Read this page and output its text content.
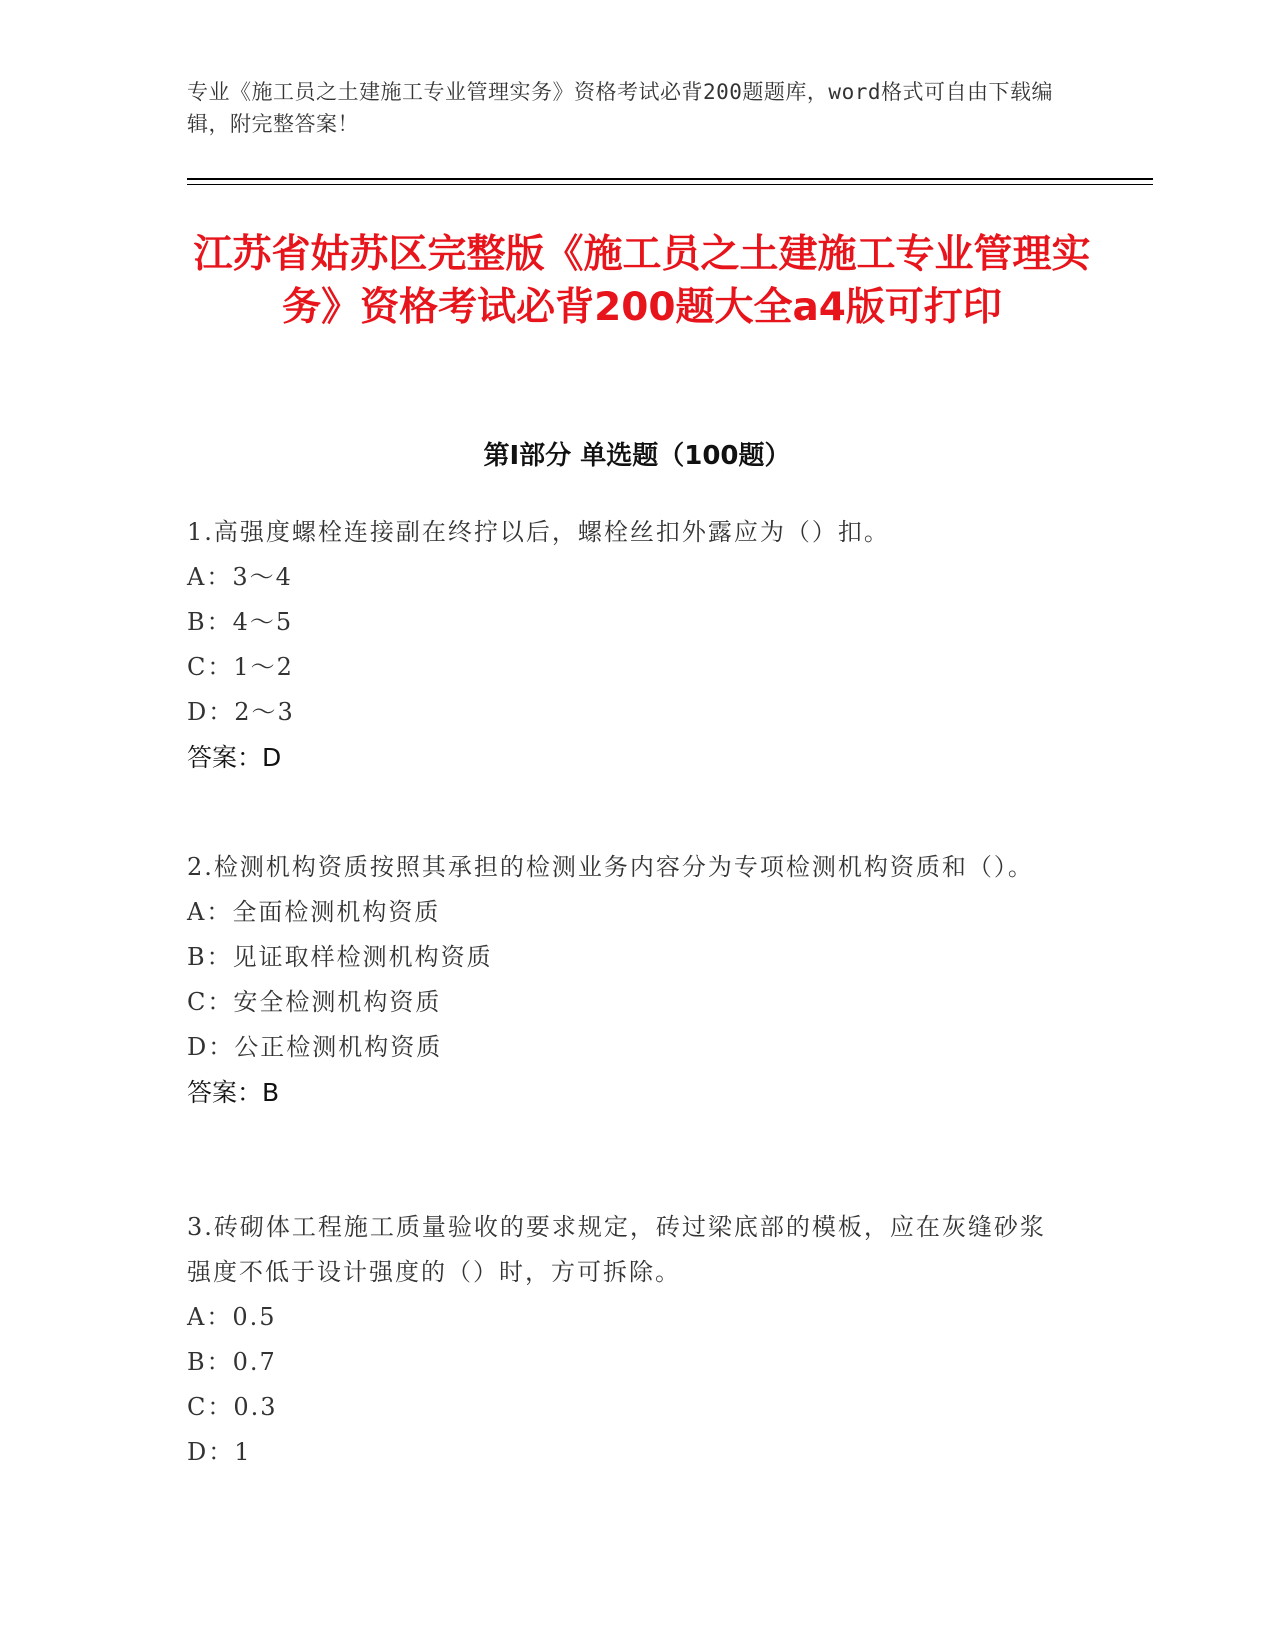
专业《施工员之土建施工专业管理实务》资格考试必背200题题库，word格式可自由下载编辑，附完整答案！
江苏省姑苏区完整版《施工员之土建施工专业管理实务》资格考试必背200题大全a4版可打印
第Ⅰ部分 单选题（100题）

1.高强度螺栓连接副在终拧以后，螺栓丝扣外露应为（）扣。

A：3～4

B：4～5

C：1～2

D：2～3

答案：D

2.检测机构资质按照其承担的检测业务内容分为专项检测机构资质和（）。

A：全面检测机构资质

B：见证取样检测机构资质

C：安全检测机构资质

D：公正检测机构资质

答案：B

3.砖砌体工程施工质量验收的要求规定，砖过梁底部的模板，应在灰缝砂浆强度不低于设计强度的（）时，方可拆除。

A：0.5

B：0.7

C：0.3

D：1
